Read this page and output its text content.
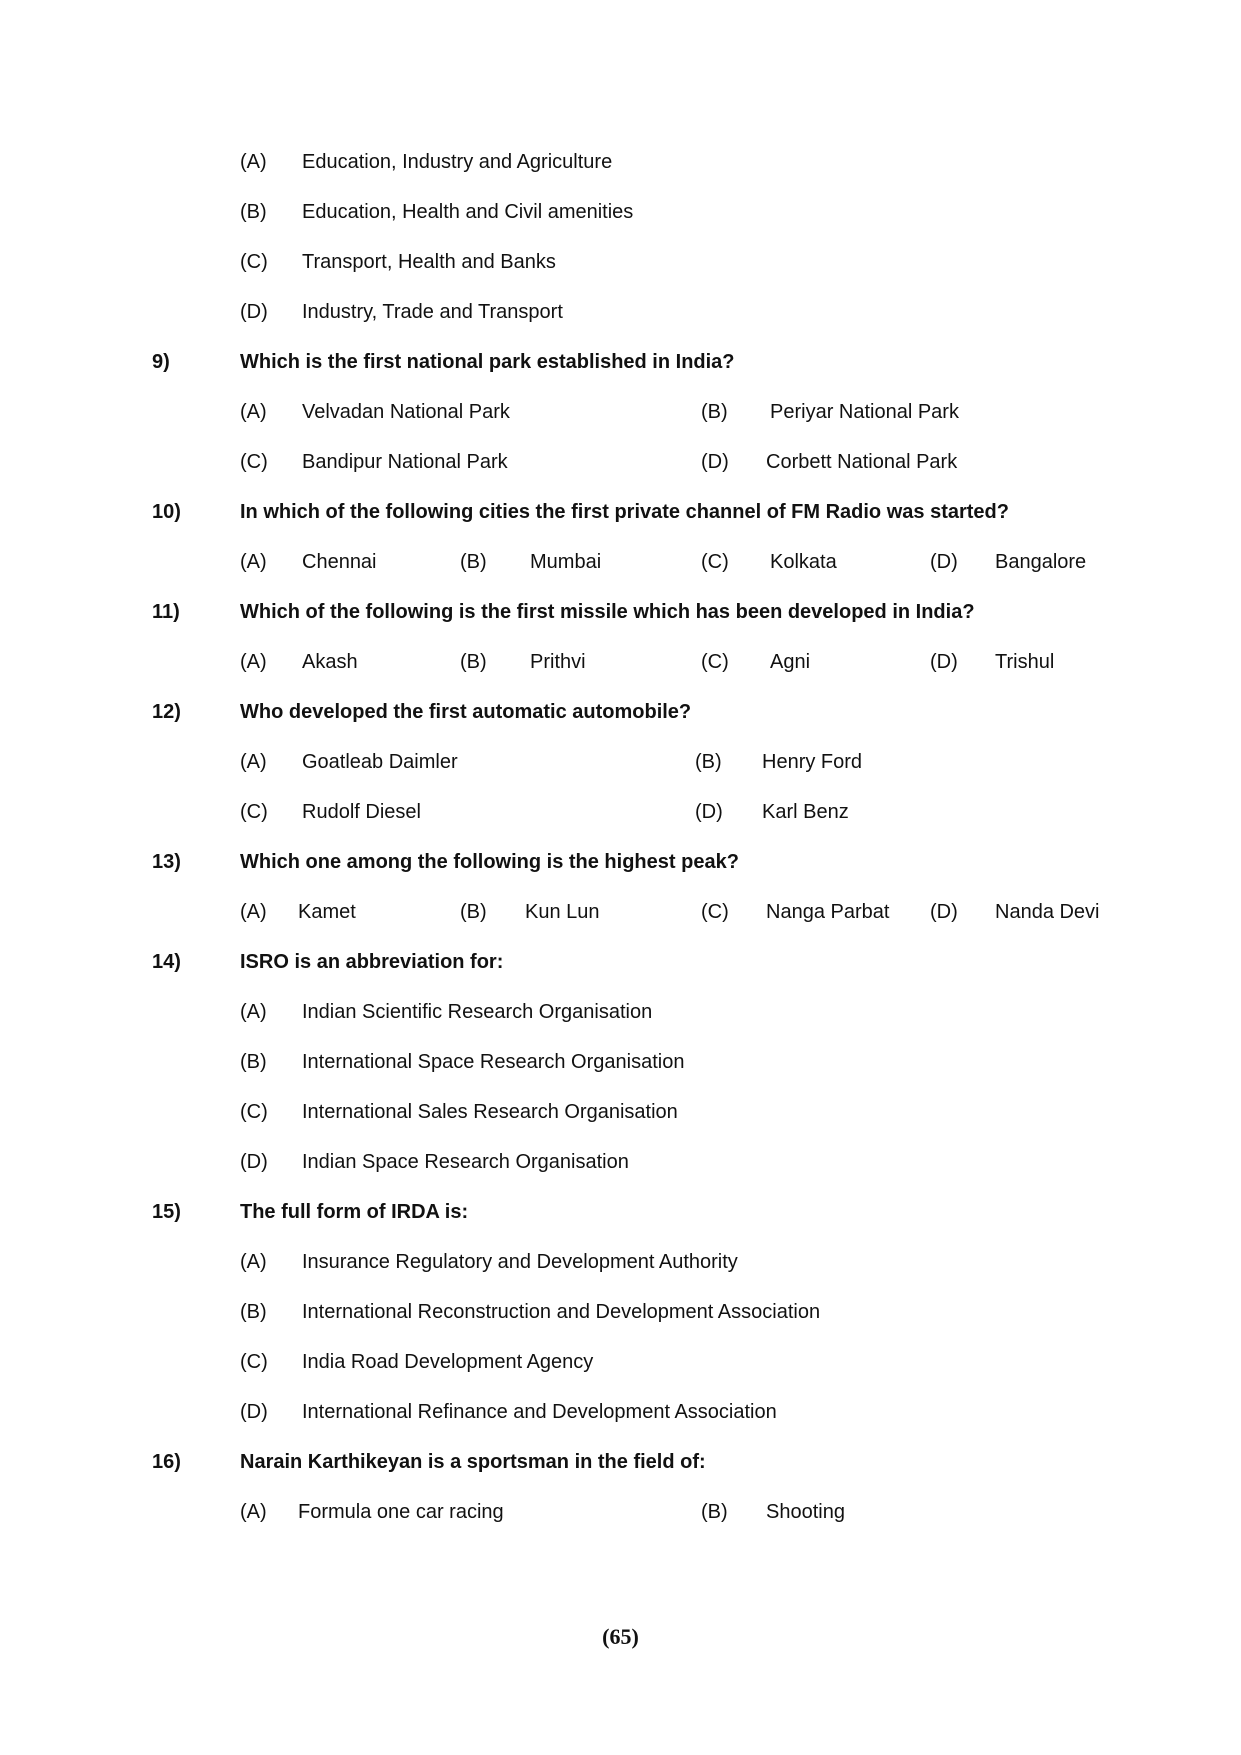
(A) Education, Industry and Agriculture
(B) Education, Health and Civil amenities
(C) Transport, Health and Banks
(D) Industry, Trade and Transport
9)	Which is the first national park established in India?
(A) Velvadan National Park	(B) Periyar National Park
(C) Bandipur National Park	(D) Corbett National Park
10)	In which of the following cities the first private channel of FM Radio was started?
(A) Chennai	(B) Mumbai	(C) Kolkata	(D) Bangalore
11)	Which of the following is the first missile which has been developed in India?
(A) Akash	(B) Prithvi	(C) Agni	(D) Trishul
12)	Who developed the first automatic automobile?
(A) Goatleab Daimler	(B) Henry Ford
(C) Rudolf Diesel	(D) Karl Benz
13)	Which one among the following is the highest peak?
(A) Kamet	(B) Kun Lun	(C) Nanga Parbat (D) Nanda Devi
14)	ISRO is an abbreviation for:
(A) Indian Scientific Research Organisation
(B) International Space Research Organisation
(C) International Sales Research Organisation
(D) Indian Space Research Organisation
15)	The full form of IRDA is:
(A) Insurance Regulatory and Development Authority
(B) International Reconstruction and Development Association
(C) India Road Development Agency
(D) International Refinance and Development Association
16)	Narain Karthikeyan is a sportsman in the field of:
(A) Formula one car racing	(B) Shooting
(65)
